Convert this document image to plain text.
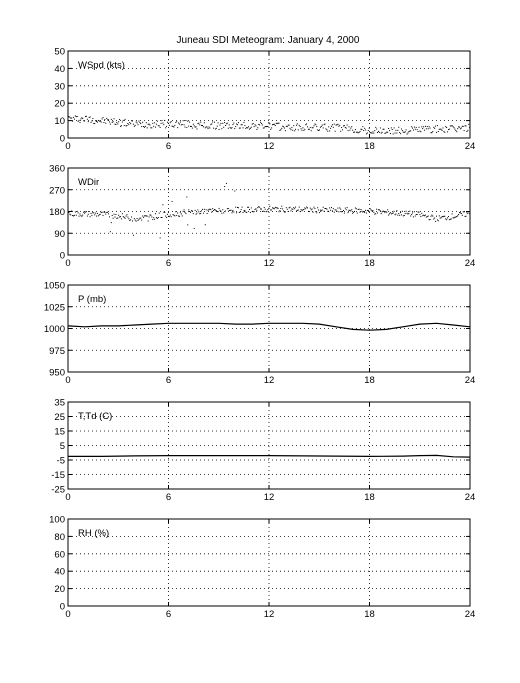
Juneau SDI Meteogram: January 4, 2000
0	6	12	18	24
0
10
20
30
40
50
WSpd (kts)
0	6	12	18	24
0
90
180
270
360
WDir
0	6	12	18	24
950
975
1000
1025
1050
P (mb)
0	6	12	18	24
-25
-15
-5
5
15
25
35
T,Td (C)
0	6	12	18	24
0
20
40
60
80
100
RH (%)
